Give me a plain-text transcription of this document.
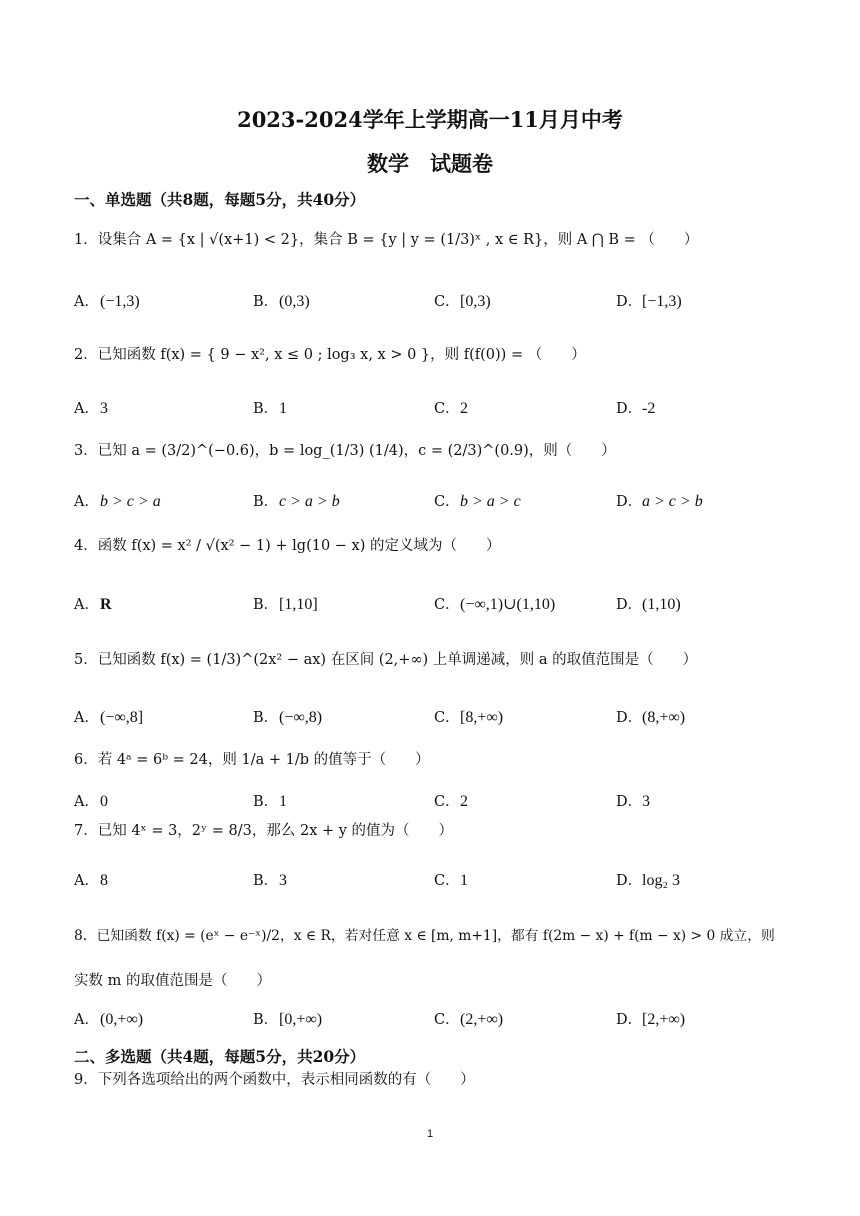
2023-2024学年上学期高一11月月中考
数学　试题卷
一、单选题（共8题，每题5分，共40分）
1．设集合 A = {x | √(x+1) < 2}，集合 B = {y | y = (1/3)ˣ , x ∈ R}，则 A ⋂ B = （　　）
A．(−1,3)	B．(0,3)	C．[0,3)	D．[−1,3)
2．已知函数 f(x) = { 9 − x², x ≤ 0 ; log₃ x, x > 0 }，则 f(f(0)) = （　　）
A．3	B．1	C．2	D．-2
3．已知 a = (3/2)^(−0.6)，b = log_(1/3) (1/4)，c = (2/3)^(0.9)，则（　　）
A．b > c > a	B．c > a > b	C．b > a > c	D．a > c > b
4．函数 f(x) = x² / √(x² − 1) + lg(10 − x) 的定义域为（　　）
A．R	B．[1,10]	C．(−∞,1)∪(1,10)	D．(1,10)
5．已知函数 f(x) = (1/3)^(2x² − ax) 在区间 (2,+∞) 上单调递减，则 a 的取值范围是（　　）
A．(−∞,8]	B．(−∞,8)	C．[8,+∞)	D．(8,+∞)
6．若 4ᵃ = 6ᵇ = 24，则 1/a + 1/b 的值等于（　　）
A．0	B．1	C．2	D．3
7．已知 4ˣ = 3，2ʸ = 8/3，那么 2x + y 的值为（　　）
A．8	B．3	C．1	D．log₂ 3
8．已知函数 f(x) = (eˣ − e⁻ˣ)/2，x ∈ R，若对任意 x ∈ [m, m+1]，都有 f(2m − x) + f(m − x) > 0 成立，则
实数 m 的取值范围是（　　）
A．(0,+∞)	B．[0,+∞)	C．(2,+∞)	D．[2,+∞)
二、多选题（共4题，每题5分，共20分）
9．下列各选项给出的两个函数中，表示相同函数的有（　　）
1
